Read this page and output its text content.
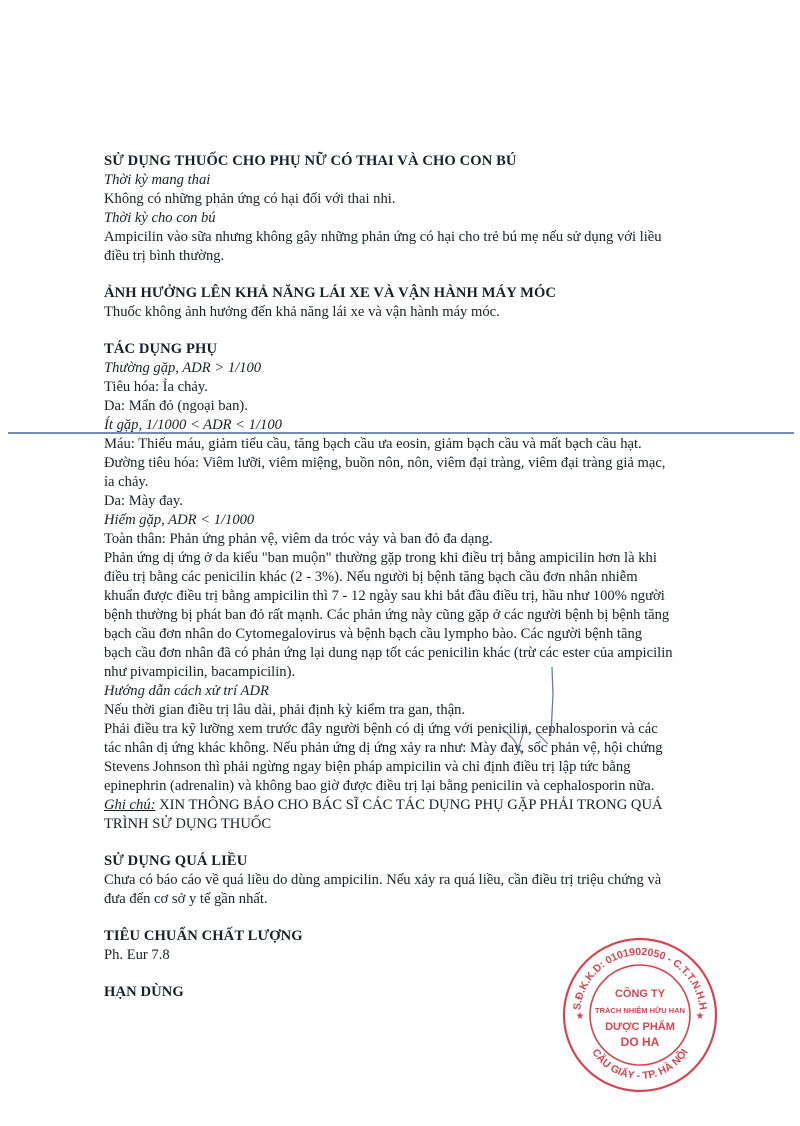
SỬ DỤNG THUỐC CHO PHỤ NỮ CÓ THAI VÀ CHO CON BÚ
Thời kỳ mang thai
Không có những phản ứng có hại đối với thai nhi.
Thời kỳ cho con bú
Ampicilin vào sữa nhưng không gây những phản ứng có hại cho trẻ bú mẹ nếu sử dụng với liều
điều trị bình thường.
ẢNH HƯỞNG LÊN KHẢ NĂNG LÁI XE VÀ VẬN HÀNH MÁY MÓC
Thuốc không ảnh hưởng đến khả năng lái xe và vận hành máy móc.
TÁC DỤNG PHỤ
Thường gặp, ADR > 1/100
Tiêu hóa: Ỉa chảy.
Da: Mẩn đỏ (ngoại ban).
Ít gặp, 1/1000 < ADR < 1/100
Máu: Thiếu máu, giảm tiểu cầu, tăng bạch cầu ưa eosin, giảm bạch cầu và mất bạch cầu hạt.
Đường tiêu hóa: Viêm lưỡi, viêm miệng, buồn nôn, nôn, viêm đại tràng, viêm đại tràng giả mạc,
ỉa chảy.
Da: Mày đay.
Hiếm gặp, ADR < 1/1000
Toàn thân: Phản ứng phản vệ, viêm da tróc vảy và ban đỏ đa dạng.
Phản ứng dị ứng ở da kiểu "ban muộn" thường gặp trong khi điều trị bằng ampicilin hơn là khi
điều trị bằng các penicilin khác (2 - 3%). Nếu người bị bệnh tăng bạch cầu đơn nhân nhiễm
khuẩn được điều trị bằng ampicilin thì 7 - 12 ngày sau khi bắt đầu điều trị, hầu như 100% người
bệnh thường bị phát ban đỏ rất mạnh. Các phản ứng này cũng gặp ở các người bệnh bị bệnh tăng
bạch cầu đơn nhân do Cytomegalovirus và bệnh bạch cầu lympho bào. Các người bệnh tăng
bạch cầu đơn nhân đã có phản ứng lại dung nạp tốt các penicilin khác (trừ các ester của ampicilin
như pivampicilin, bacampicilin).
Hướng dẫn cách xử trí ADR
Nếu thời gian điều trị lâu dài, phải định kỳ kiểm tra gan, thận.
Phải điều tra kỹ lưỡng xem trước đây người bệnh có dị ứng với penicilin, cephalosporin và các
tác nhân dị ứng khác không. Nếu phản ứng dị ứng xảy ra như: Mày đay, sốc phản vệ, hội chứng
Stevens Johnson thì phải ngừng ngay biện pháp ampicilin và chỉ định điều trị lập tức bằng
epinephrin (adrenalin) và không bao giờ được điều trị lại bằng penicilin và cephalosporin nữa.
Ghi chú: XIN THÔNG BÁO CHO BÁC SĨ CÁC TÁC DỤNG PHỤ GẶP PHẢI TRONG QUÁ
TRÌNH SỬ DỤNG THUỐC
SỬ DỤNG QUÁ LIỀU
Chưa có báo cáo về quá liều do dùng ampicilin. Nếu xảy ra quá liều, cần điều trị triệu chứng và
đưa đến cơ sở y tế gần nhất.
TIÊU CHUẨN CHẤT LƯỢNG
Ph. Eur 7.8
HẠN DÙNG
S.Đ.K.K.D: 0101902050 - C.T.T.N.H.H
CẦU GIẤY - TP. HÀ NỘI
CÔNG TY
TRÁCH NHIỆM HỮU HẠN
DƯỢC PHẨM
DO HA
★	★
